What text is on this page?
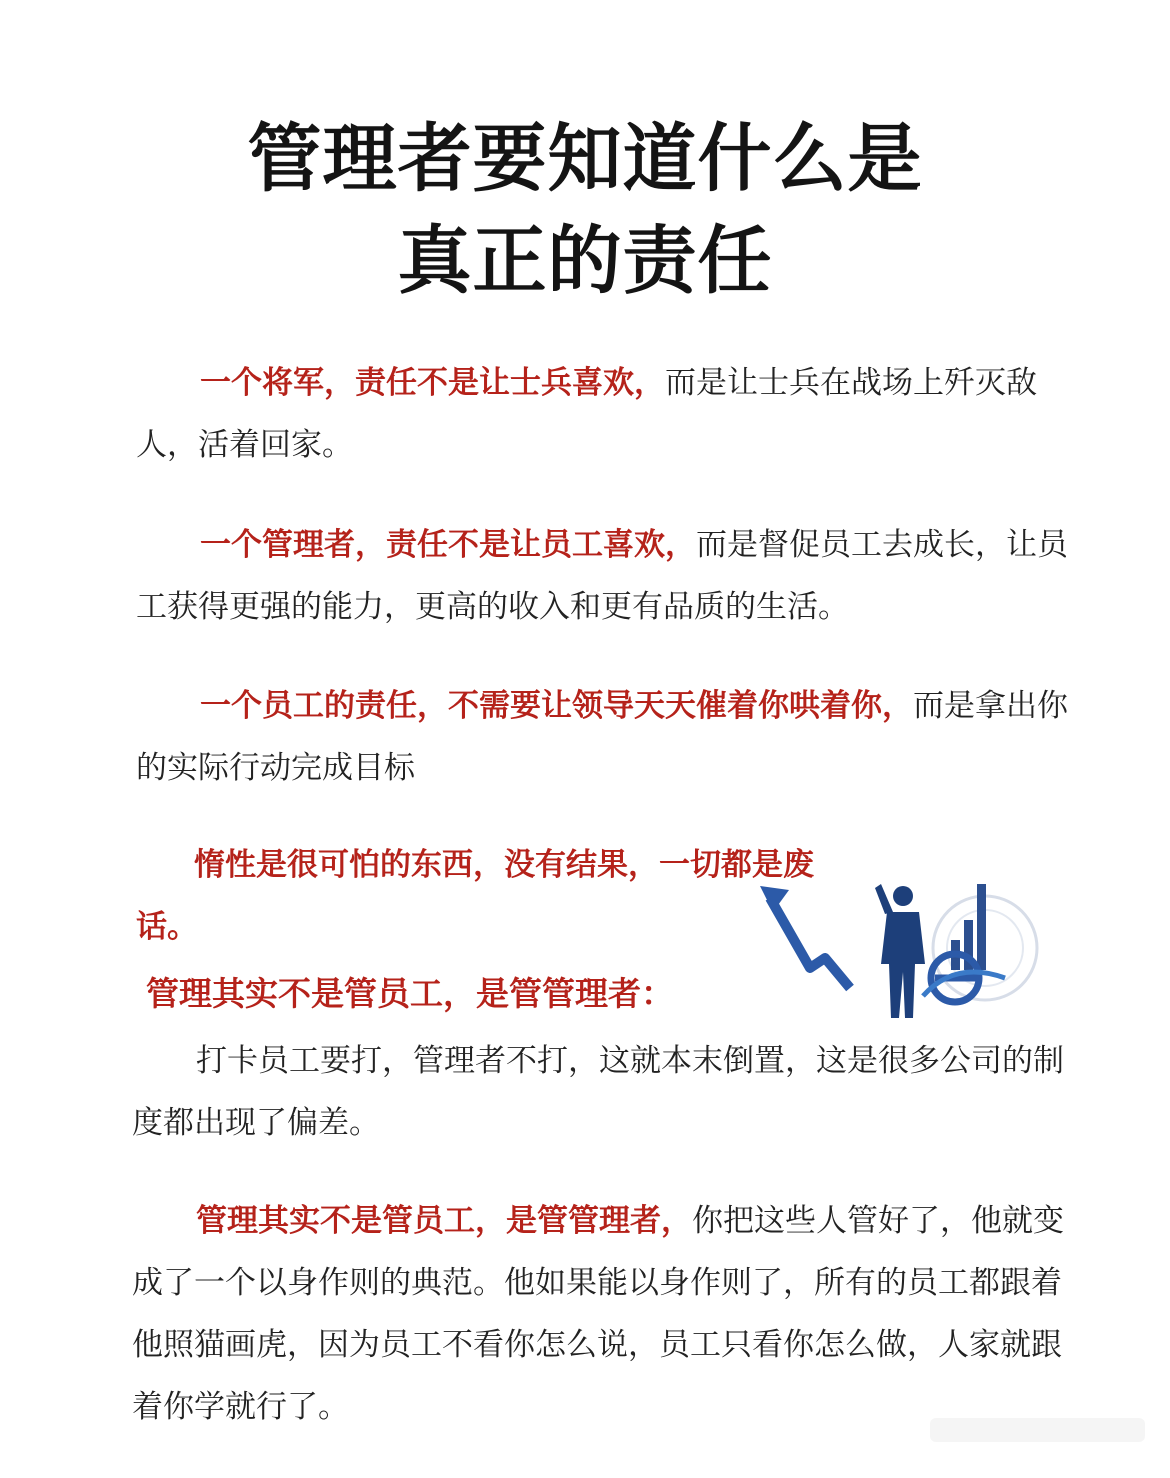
管理者要知道什么是
真正的责任

一个将军，责任不是让士兵喜欢，而是让士兵在战场上歼灭敌人，活着回家。

一个管理者，责任不是让员工喜欢，而是督促员工去成长，让员工获得更强的能力，更高的收入和更有品质的生活。

一个员工的责任，不需要让领导天天催着你哄着你，而是拿出你的实际行动完成目标

惰性是很可怕的东西，没有结果，一切都是废话。

管理其实不是管员工，是管管理者：

打卡员工要打，管理者不打，这就本末倒置，这是很多公司的制度都出现了偏差。

管理其实不是管员工，是管管理者，你把这些人管好了，他就变成了一个以身作则的典范。他如果能以身作则了，所有的员工都跟着他照猫画虎，因为员工不看你怎么说，员工只看你怎么做，人家就跟着你学就行了。
